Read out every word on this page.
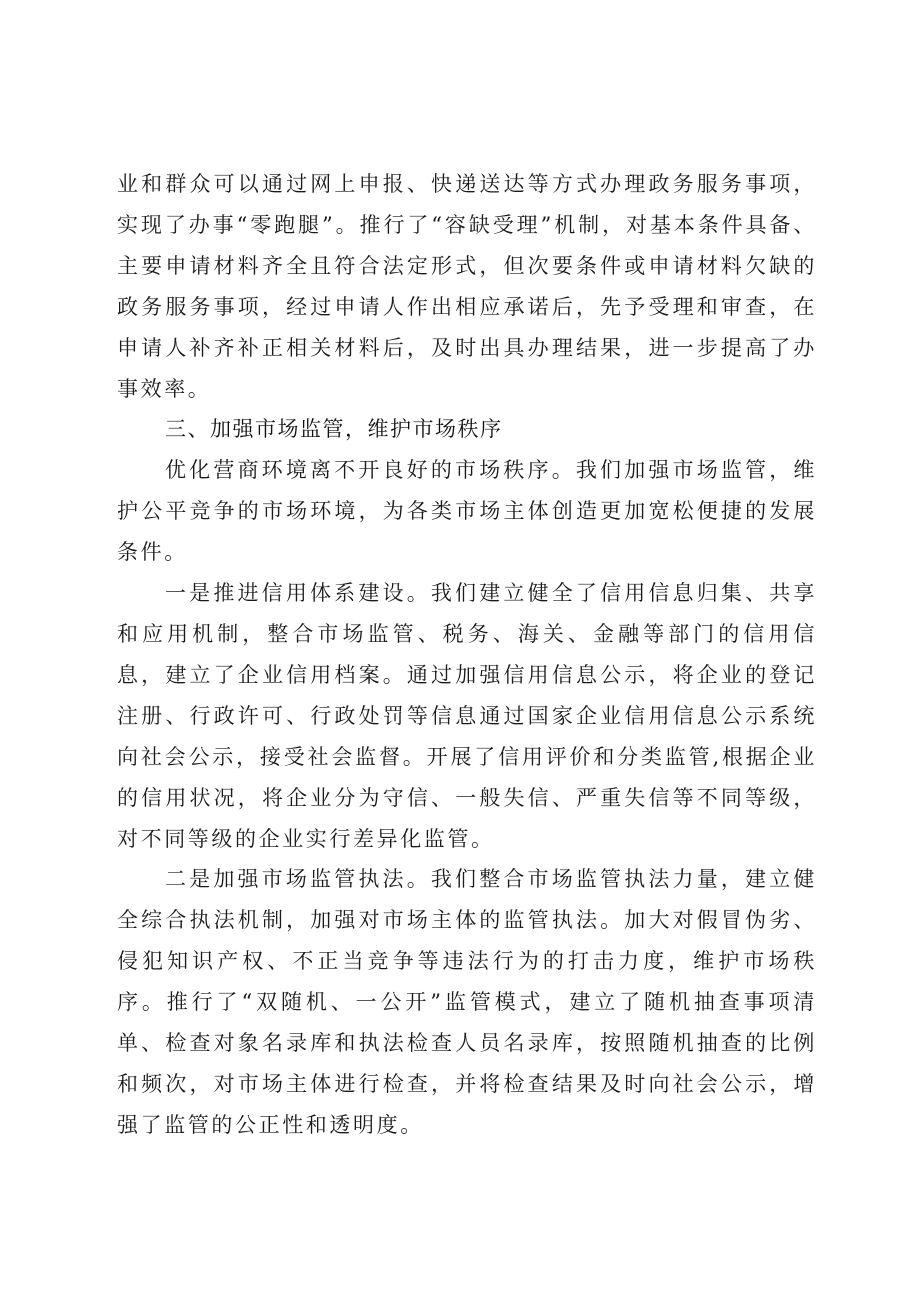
业和群众可以通过网上申报、快递送达等方式办理政务服务事项，实现了办事“零跑腿”。推行了“容缺受理”机制，对基本条件具备、主要申请材料齐全且符合法定形式，但次要条件或申请材料欠缺的政务服务事项，经过申请人作出相应承诺后，先予受理和审查，在申请人补齐补正相关材料后，及时出具办理结果，进一步提高了办事效率。

三、加强市场监管，维护市场秩序

优化营商环境离不开良好的市场秩序。我们加强市场监管，维护公平竞争的市场环境，为各类市场主体创造更加宽松便捷的发展条件。

一是推进信用体系建设。我们建立健全了信用信息归集、共享和应用机制，整合市场监管、税务、海关、金融等部门的信用信息，建立了企业信用档案。通过加强信用信息公示，将企业的登记注册、行政许可、行政处罚等信息通过国家企业信用信息公示系统向社会公示，接受社会监督。开展了信用评价和分类监管,根据企业的信用状况，将企业分为守信、一般失信、严重失信等不同等级，对不同等级的企业实行差异化监管。

二是加强市场监管执法。我们整合市场监管执法力量，建立健全综合执法机制，加强对市场主体的监管执法。加大对假冒伪劣、侵犯知识产权、不正当竞争等违法行为的打击力度，维护市场秩序。推行了“双随机、一公开”监管模式，建立了随机抽查事项清单、检查对象名录库和执法检查人员名录库，按照随机抽查的比例和频次，对市场主体进行检查，并将检查结果及时向社会公示，增强了监管的公正性和透明度。
